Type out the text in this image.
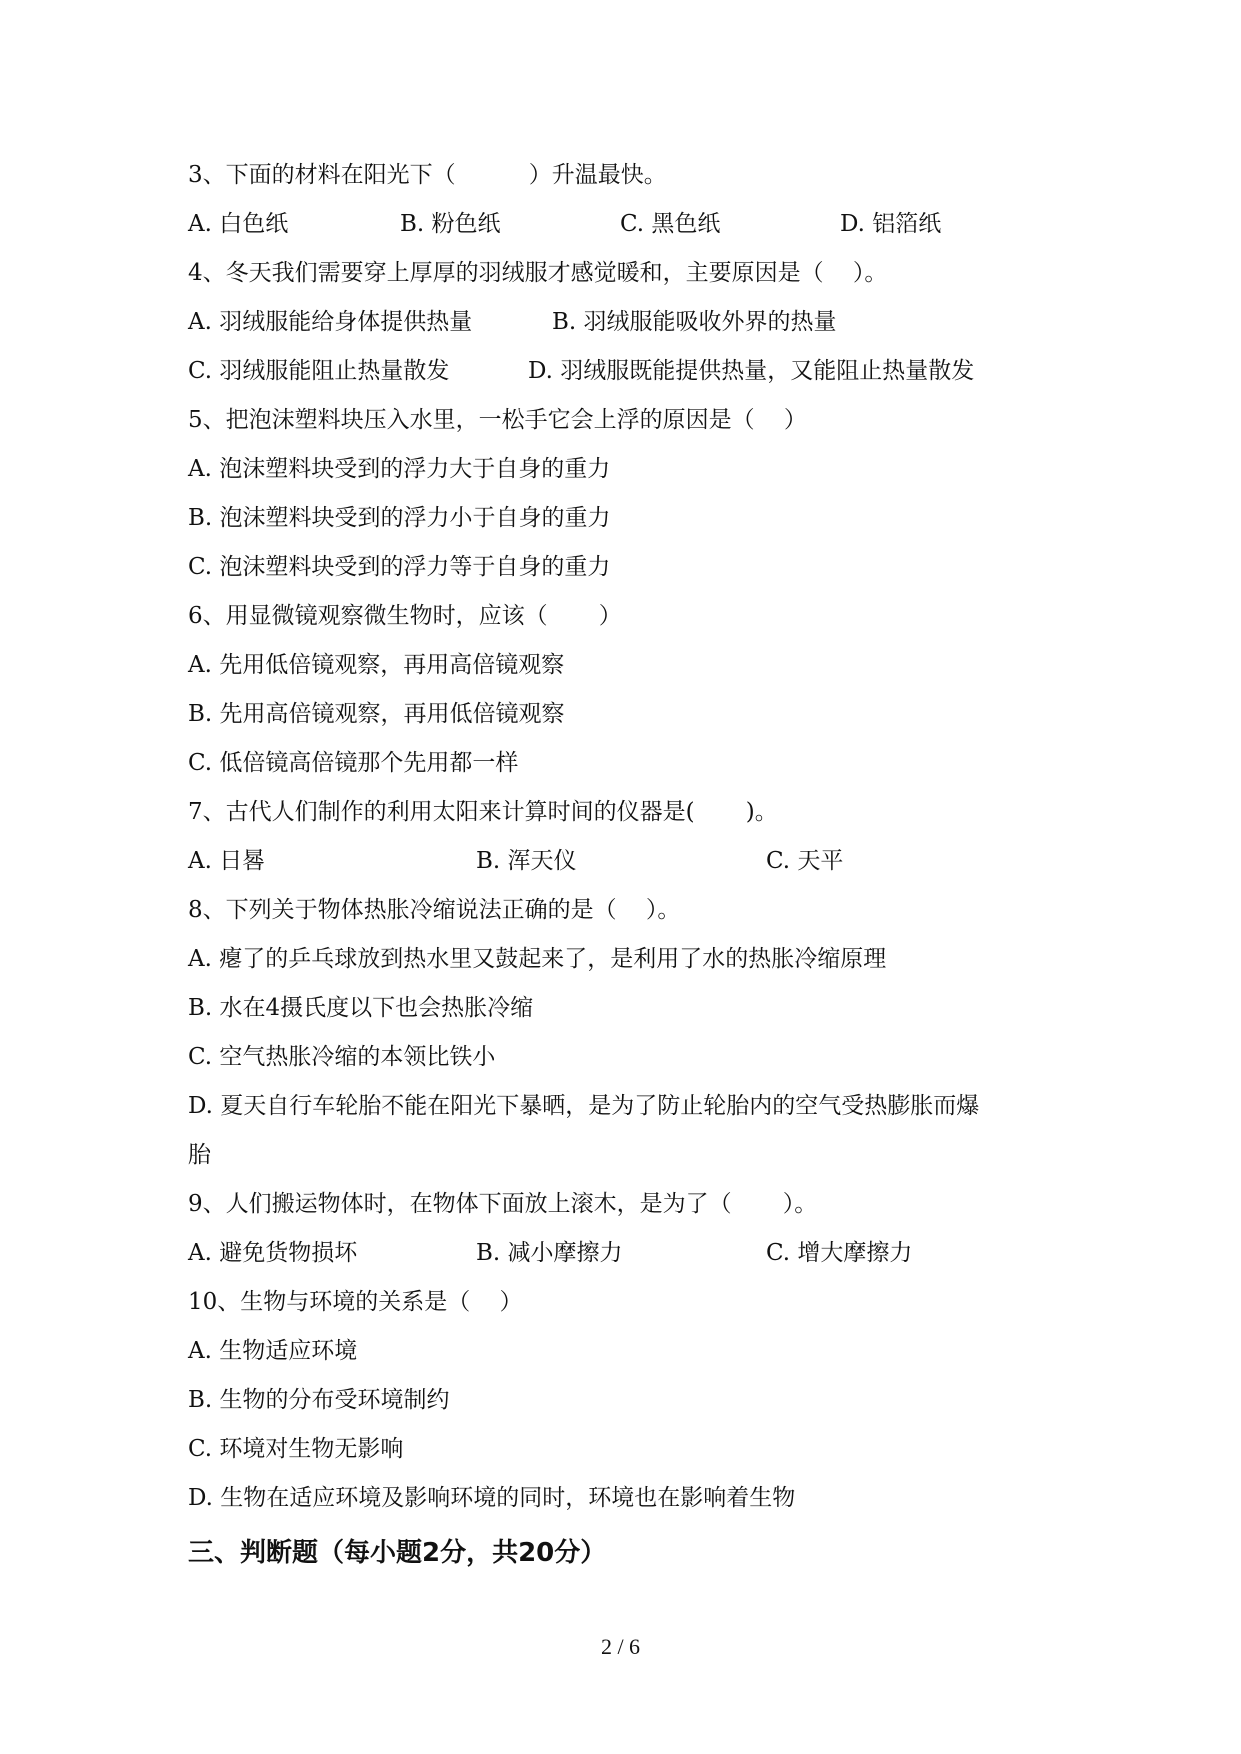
3、下面的材料在阳光下（          ）升温最快。

A. 白色纸

	B. 粉色纸

	C. 黑色纸

	D. 铝箔纸

4、冬天我们需要穿上厚厚的羽绒服才感觉暖和，主要原因是（    ）。

A. 羽绒服能给身体提供热量

	B. 羽绒服能吸收外界的热量

C. 羽绒服能阻止热量散发

	D. 羽绒服既能提供热量，又能阻止热量散发

5、把泡沫塑料块压入水里，一松手它会上浮的原因是（    ）
A. 泡沫塑料块受到的浮力大于自身的重力
B. 泡沫塑料块受到的浮力小于自身的重力
C. 泡沫塑料块受到的浮力等于自身的重力
6、用显微镜观察微生物时，应该（       ）
A. 先用低倍镜观察，再用高倍镜观察
B. 先用高倍镜观察，再用低倍镜观察
C. 低倍镜高倍镜那个先用都一样
7、古代人们制作的利用太阳来计算时间的仪器是(       )。

A. 日晷

	B. 浑天仪

	C. 天平

8、下列关于物体热胀冷缩说法正确的是（    ）。
A. 瘪了的乒乓球放到热水里又鼓起来了，是利用了水的热胀冷缩原理
B. 水在4摄氏度以下也会热胀冷缩
C. 空气热胀冷缩的本领比铁小
D. 夏天自行车轮胎不能在阳光下暴晒，是为了防止轮胎内的空气受热膨胀而爆
胎
9、人们搬运物体时，在物体下面放上滚木，是为了（       ）。

A. 避免货物损坏

	B. 减小摩擦力

	C. 增大摩擦力

10、生物与环境的关系是（    ）
A. 生物适应环境
B. 生物的分布受环境制约
C. 环境对生物无影响
D. 生物在适应环境及影响环境的同时，环境也在影响着生物
三、判断题（每小题2分，共20分）
2 / 6
